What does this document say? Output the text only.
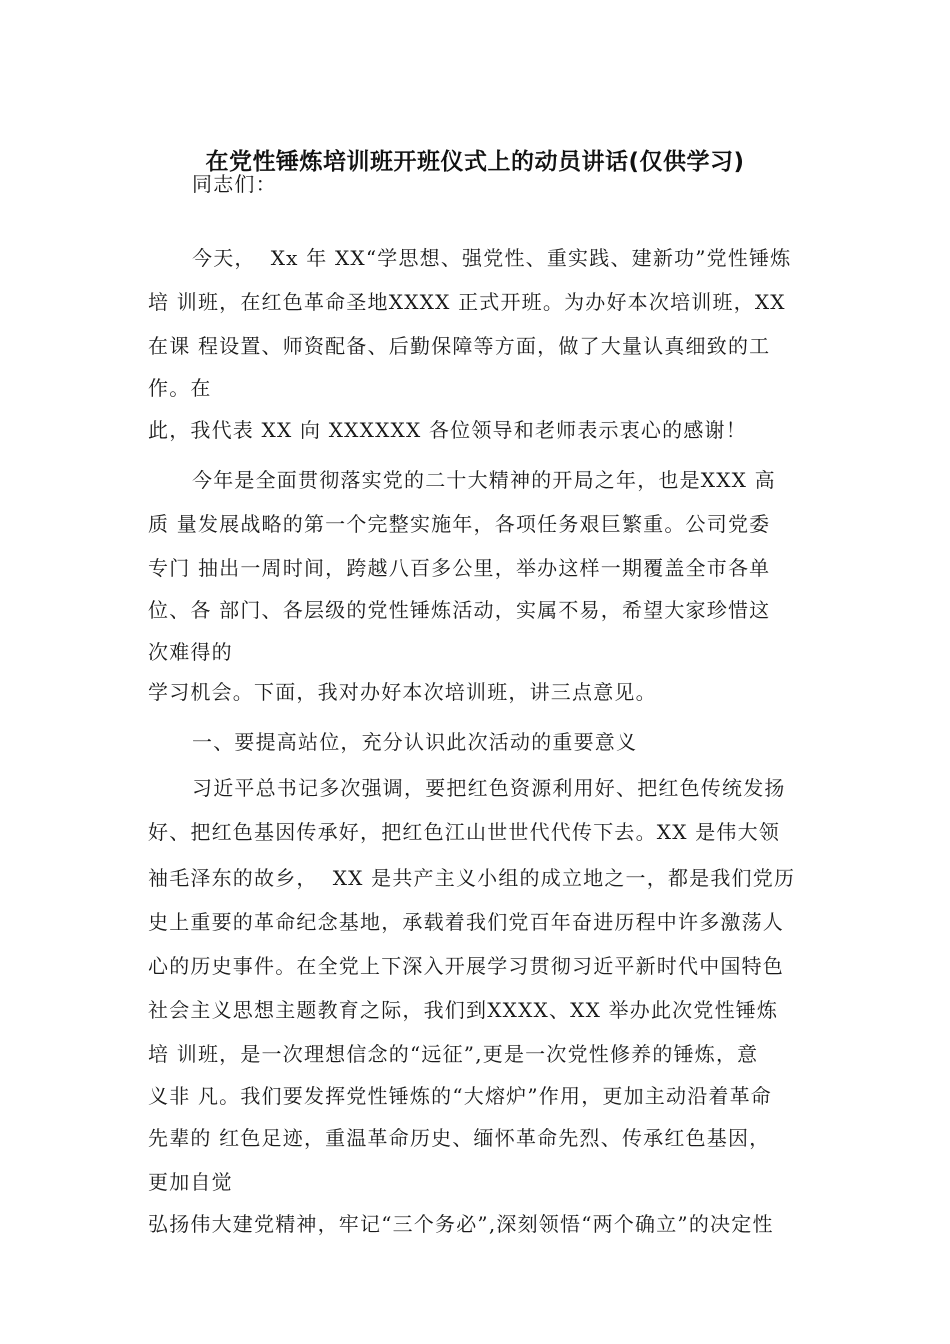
在党性锤炼培训班开班仪式上的动员讲话(仅供学习)
同志们：
今天，  Xx 年 XX“学思想、强党性、重实践、建新功”党性锤炼
培 训班，在红色革命圣地XXXX 正式开班。为办好本次培训班，XX
在课 程设置、师资配备、后勤保障等方面，做了大量认真细致的工
作。在
此，我代表 XX 向 XXXXXX 各位领导和老师表示衷心的感谢！
今年是全面贯彻落实党的二十大精神的开局之年，也是XXX 高
质 量发展战略的第一个完整实施年，各项任务艰巨繁重。公司党委
专门 抽出一周时间，跨越八百多公里，举办这样一期覆盖全市各单
位、各 部门、各层级的党性锤炼活动，实属不易，希望大家珍惜这
次难得的
学习机会。下面，我对办好本次培训班，讲三点意见。
一、要提高站位，充分认识此次活动的重要意义
习近平总书记多次强调，要把红色资源利用好、把红色传统发扬
好、把红色基因传承好，把红色江山世世代代传下去。XX 是伟大领
袖毛泽东的故乡，  XX 是共产主义小组的成立地之一，都是我们党历
史上重要的革命纪念基地，承载着我们党百年奋进历程中许多激荡人
心的历史事件。在全党上下深入开展学习贯彻习近平新时代中国特色
社会主义思想主题教育之际，我们到XXXX、XX 举办此次党性锤炼
培 训班，是一次理想信念的“远征”,更是一次党性修养的锤炼，意
义非 凡。我们要发挥党性锤炼的“大熔炉”作用，更加主动沿着革命
先辈的 红色足迹，重温革命历史、缅怀革命先烈、传承红色基因，
更加自觉
弘扬伟大建党精神，牢记“三个务必”,深刻领悟“两个确立”的决定性
